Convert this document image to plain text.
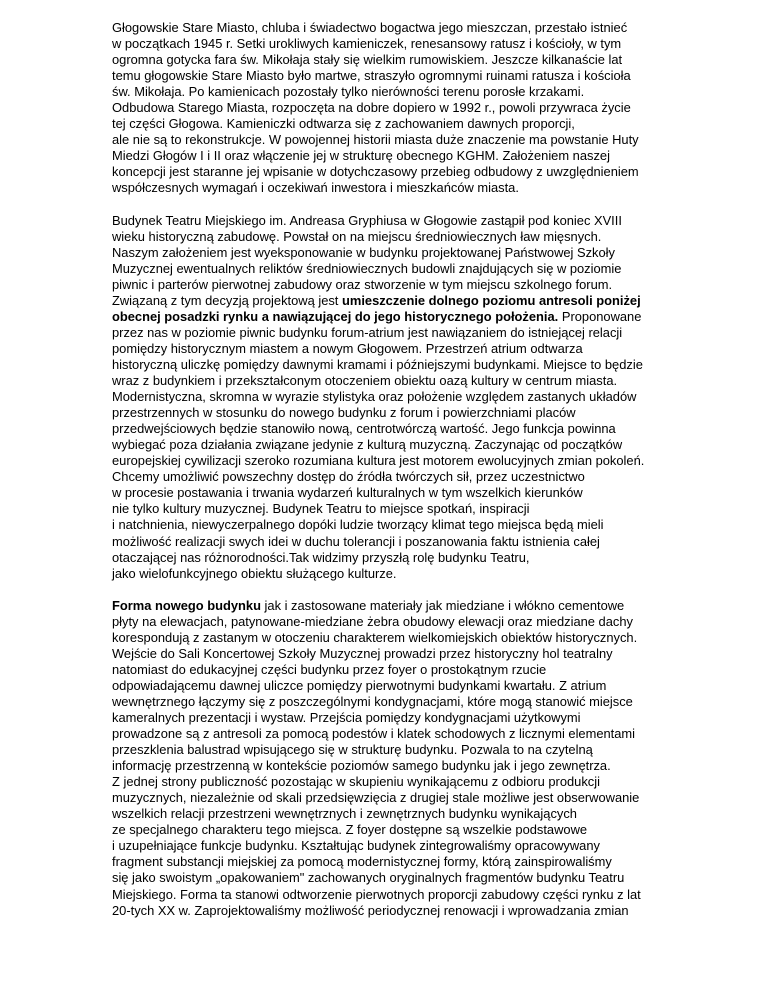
Głogowskie Stare Miasto, chluba i świadectwo bogactwa jego mieszczan, przestało istnieć
w początkach 1945 r. Setki urokliwych kamieniczek, renesansowy ratusz i kościoły, w tym
ogromna gotycka fara św. Mikołaja stały się wielkim rumowiskiem. Jeszcze kilkanaście lat
temu głogowskie Stare Miasto było martwe, straszyło ogromnymi ruinami ratusza i kościoła
św. Mikołaja. Po kamienicach pozostały tylko nierówności terenu porosłe krzakami.
Odbudowa Starego Miasta, rozpoczęta na dobre dopiero w 1992 r., powoli przywraca życie
tej części Głogowa. Kamieniczki odtwarza się z zachowaniem dawnych proporcji,
ale nie są to rekonstrukcje. W powojennej historii miasta duże znaczenie ma powstanie Huty
Miedzi Głogów I i II oraz włączenie jej w strukturę obecnego KGHM. Założeniem naszej
koncepcji jest staranne jej wpisanie w dotychczasowy przebieg odbudowy z uwzględnieniem
współczesnych wymagań i oczekiwań inwestora i mieszkańców miasta.
Budynek Teatru Miejskiego im. Andreasa Gryphiusa w Głogowie zastąpił pod koniec XVIII
wieku historyczną zabudowę. Powstał on na miejscu średniowiecznych ław mięsnych.
Naszym założeniem jest wyeksponowanie w budynku projektowanej Państwowej Szkoły
Muzycznej ewentualnych reliktów średniowiecznych budowli znajdujących się w poziomie
piwnic i parterów pierwotnej zabudowy oraz stworzenie w tym miejscu szkolnego forum.
Związaną z tym decyzją projektową jest umieszczenie dolnego poziomu antresoli poniżej
obecnej posadzki rynku a nawiązującej do jego historycznego położenia. Proponowane
przez nas w poziomie piwnic budynku forum-atrium jest nawiązaniem do istniejącej relacji
pomiędzy historycznym miastem a nowym Głogowem. Przestrzeń atrium odtwarza
historyczną uliczkę pomiędzy dawnymi kramami i późniejszymi budynkami. Miejsce to będzie
wraz z budynkiem i przekształconym otoczeniem obiektu oazą kultury w centrum miasta.
Modernistyczna, skromna w wyrazie stylistyka oraz położenie względem zastanych układów
przestrzennych w stosunku do nowego budynku z forum i powierzchniami placów
przedwejściowych będzie stanowiło nową, centrotwórczą wartość. Jego funkcja powinna
wybiegać poza działania związane jedynie z kulturą muzyczną. Zaczynając od początków
europejskiej cywilizacji szeroko rozumiana kultura jest motorem ewolucyjnych zmian pokoleń.
Chcemy umożliwić powszechny dostęp do źródła twórczych sił, przez uczestnictwo
w procesie postawania i trwania wydarzeń kulturalnych w tym wszelkich kierunków
nie tylko kultury muzycznej. Budynek Teatru to miejsce spotkań, inspiracji
i natchnienia, niewyczerpalnego dopóki ludzie tworzący klimat tego miejsca będą mieli
możliwość realizacji swych idei w duchu tolerancji i poszanowania faktu istnienia całej
otaczającej nas różnorodności.Tak widzimy przyszłą rolę budynku Teatru,
jako wielofunkcyjnego obiektu służącego kulturze.
Forma nowego budynku jak i zastosowane materiały jak miedziane i włókno cementowe
płyty na elewacjach, patynowane-miedziane żebra obudowy elewacji oraz miedziane dachy
korespondują z zastanym w otoczeniu charakterem wielkomiejskich obiektów historycznych.
Wejście do Sali Koncertowej Szkoły Muzycznej prowadzi przez historyczny hol teatralny
natomiast do edukacyjnej części budynku przez foyer o prostokątnym rzucie
odpowiadającemu dawnej uliczce pomiędzy pierwotnymi budynkami kwartału. Z atrium
wewnętrznego łączymy się z poszczególnymi kondygnacjami, które mogą stanowić miejsce
kameralnych prezentacji i wystaw. Przejścia pomiędzy kondygnacjami użytkowymi
prowadzone są z antresoli za pomocą podestów i klatek schodowych z licznymi elementami
przeszklenia balustrad wpisującego się w strukturę budynku. Pozwala to na czytelną
informację przestrzenną w kontekście poziomów samego budynku jak i jego zewnętrza.
Z jednej strony publiczność pozostając w skupieniu wynikającemu z odbioru produkcji
muzycznych, niezależnie od skali przedsięwzięcia z drugiej stale możliwe jest obserwowanie
wszelkich relacji przestrzeni wewnętrznych i zewnętrznych budynku wynikających
ze specjalnego charakteru tego miejsca. Z foyer dostępne są wszelkie podstawowe
i uzupełniające funkcje budynku. Kształtując budynek zintegrowaliśmy opracowywany
fragment substancji miejskiej za pomocą modernistycznej formy, którą zainspirowaliśmy
się jako swoistym „opakowaniem" zachowanych oryginalnych fragmentów budynku Teatru
Miejskiego. Forma ta stanowi odtworzenie pierwotnych proporcji zabudowy części rynku z lat
20-tych XX w. Zaprojektowaliśmy możliwość periodycznej renowacji i wprowadzania zmian
